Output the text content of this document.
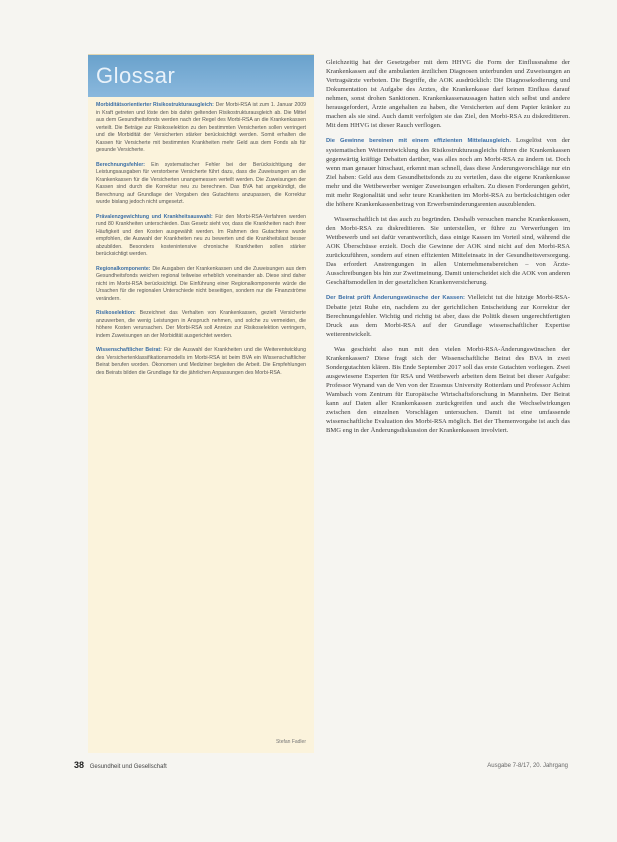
Glossar

Morbiditätsorientierter Risikostrukturausgleich: Der Morbi-RSA ist zum 1. Januar 2009 in Kraft getreten und löste den bis dahin geltenden Risikostrukturausgleich ab. Die Mittel aus dem Gesundheitsfonds werden nach der Regel des Morbi-RSA an die Krankenkassen verteilt. Die Beträge zur Risikoselektion zu den bestimmten Versicherten sollen verringert und die Morbidität der Versicherten stärker berücksichtigt werden. Somit erhalten die Kassen für Versicherte mit bestimmten Krankheiten mehr Geld aus dem Fonds als für gesunde Versicherte.

Berechnungsfehler: Ein systematischer Fehler bei der Berücksichtigung der Leistungsausgaben für verstorbene Versicherte führt dazu, dass die Zuweisungen an die Krankenkassen für die Versicherten unangemessen verteilt werden. Die Zuweisungen der Kassen sind durch die Korrektur neu zu berechnen. Das BVA hat angekündigt, die Berechnung auf Grundlage der Vorgaben des Gutachtens anzupassen, die Korrektur wurde bislang jedoch nicht umgesetzt.

Prävalenzgewichtung und Krankheitsauswahl: Für den Morbi-RSA-Verfahren werden rund 80 Krankheiten unterschieden. Das Gesetz sieht vor, dass die Krankheiten nach ihrer Häufigkeit und den Kosten ausgewählt werden. Im Rahmen des Gutachtens wurde empfohlen, die Auswahl der Krankheiten neu zu bewerten und die Krankheitslast besser abzubilden. Besonders kostenintensive chronische Krankheiten sollen stärker berücksichtigt werden.

Regionalkomponente: Die Ausgaben der Krankenkassen und die Zuweisungen aus dem Gesundheitsfonds weichen regional teilweise erheblich voneinander ab. Diese sind daher nicht im Morbi-RSA berücksichtigt. Die Einführung einer Regionalkomponente würde die Ursachen für die regionalen Unterschiede nicht beseitigen, sondern nur die Finanzströme verändern.

Risikoselektion: Bezeichnet das Verhalten von Krankenkassen, gezielt Versicherte anzuwerben, die wenig Leistungen in Anspruch nehmen, und solche zu vermeiden, die höhere Kosten verursachen. Der Morbi-RSA soll Anreize zur Risikoselektion verringern, indem Zuweisungen an der Morbidität ausgerichtet werden.

Wissenschaftlicher Beirat: Für die Auswahl der Krankheiten und die Weiterentwicklung des Versichertenklassifikationsmodells im Morbi-RSA ist beim BVA ein Wissenschaftlicher Beirat berufen worden. Ökonomen und Mediziner begleiten die Arbeit. Die Empfehlungen des Beirats bilden die Grundlage für die jährlichen Anpassungen des Morbi-RSA.

Stefan Fadler

Gleichzeitig hat der Gesetzgeber mit dem HHVG die Form der Einflussnahme der Krankenkassen auf die ambulanten ärztlichen Diagnosen unterbunden und Zuweisungen an Vertragsärzte verboten. Die Begriffe, die AOK ausdrücklich: Die Diagnosekodierung und Dokumentation ist Aufgabe des Arztes, die Krankenkasse darf keinen Einfluss darauf nehmen, sonst drohen Sanktionen. Krankenkassenaussagen hatten sich selbst und andere herausgefordert, Ärzte angehalten zu haben, die Versicherten auf dem Papier kränker zu machen als sie sind. Auch damit verfolgten sie das Ziel, den Morbi-RSA zu diskreditieren. Mit dem HHVG ist dieser Rauch verflogen.

Die Gewinne bereinen mit einem effizienten Mittelausgleich. Losgelöst von der systematischen Weiterentwicklung des Risikostrukturausgleichs führen die Krankenkassen gegenwärtig kräftige Debatten darüber, was alles noch am Morbi-RSA zu ändern ist. Doch wenn man genauer hinschaut, erkennt man schnell, dass diese Änderungsvorschläge nur ein Ziel haben: Geld aus dem Gesundheitsfonds zu zu verteilen, dass die eigene Krankenkasse mehr und die Wettbewerber weniger Zuweisungen erhalten. Zu diesen Forderungen gehört, mit mehr Regionalität und sehr teure Krankheiten im Morbi-RSA zu berücksichtigen oder die höhere Krankenkassenbeitrag von Erwerbsminderungsrenten auszublenden.

Wissenschaftlich ist das auch zu begründen. Deshalb versuchen manche Krankenkassen, den Morbi-RSA zu diskreditieren. Sie unterstellen, er führe zu Verwerfungen im Wettbewerb und sei dafür verantwortlich, dass einige Kassen im Vorteil sind, während die AOK Überschüsse erzielt. Doch die Gewinne der AOK sind nicht auf den Morbi-RSA zurückzuführen, sondern auf einen effizienten Mitteleinsatz in der Gesundheitsversorgung. Das erfordert Anstrengungen in allen Unternehmensbereichen – von Ärzte-Ausschreibungen bis hin zur Zweitmeinung. Damit unterscheidet sich die AOK von anderen Geschäftsmodellen in der gesetzlichen Krankenversicherung.

Der Beirat prüft Änderungswünsche der Kassen: Vielleicht tut die hitzige Morbi-RSA-Debatte jetzt Ruhe ein, nachdem zu der gerichtlichen Entscheidung zur Korrektur der Berechnungsfehler. Wichtig und richtig ist aber, dass die Politik diesen ungerechtfertigten Druck aus dem Morbi-RSA auf der Grundlage wissenschaftlicher Expertise weiterentwickelt.

Was geschieht also nun mit den vielen Morbi-RSA-Änderungswünschen der Krankenkassen? Diese fragt sich der Wissenschaftliche Beirat des BVA in zwei Sondergutachten klären. Bis Ende September 2017 soll das erste Gutachten vorliegen. Zwei ausgewiesene Experten für RSA und Wettbewerb arbeiten dem Beirat bei dieser Aufgabe: Professor Wynand van de Ven von der Erasmus University Rotterdam und Professor Achim Wambach vom Zentrum für Europäische Wirtschaftsforschung in Mannheim. Der Beirat kann auf Daten aller Krankenkassen zurückgreifen und auch die Wechselwirkungen zwischen den einzelnen Vorschlägen untersuchen. Damit ist eine umfassende wissenschaftliche Evaluation des Morbi-RSA möglich. Bei der Themenvorgabe ist auch das BMG eng in der Änderungsdiskussion der Krankenkassen involviert.

38 Gesundheit und Gesellschaft	Ausgabe 7-8/17, 20. Jahrgang
